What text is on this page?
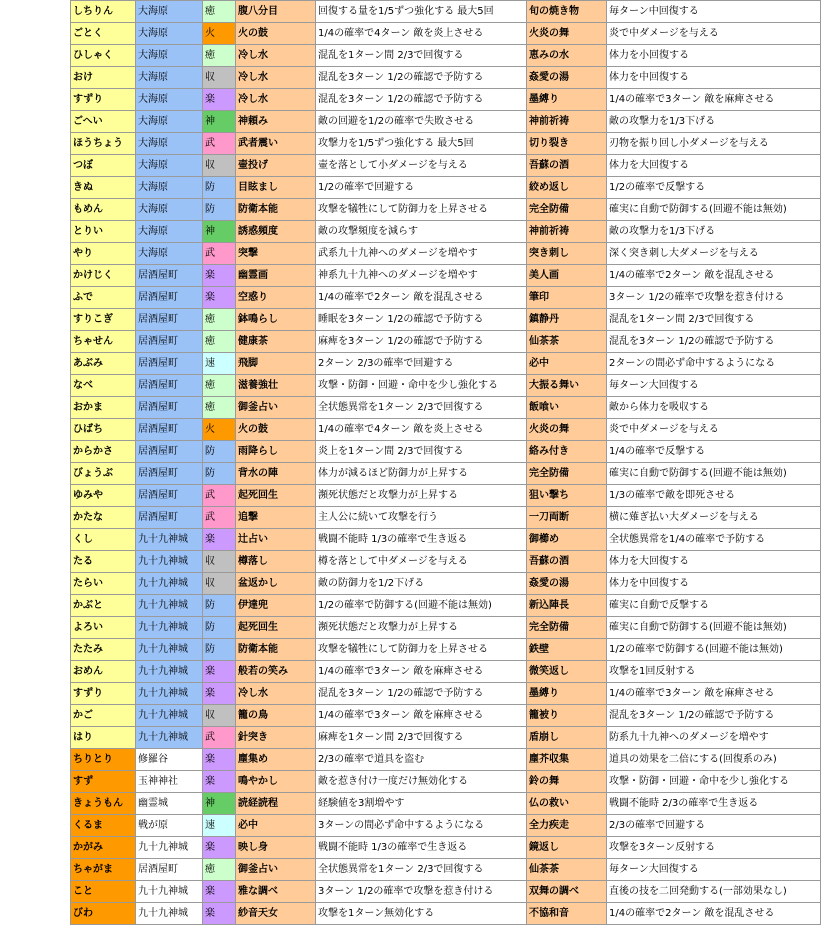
しちりん	大海原	癒	腹八分目	回復する量を1/5ずつ強化する 最大5回	旬の焼き物	毎ターン中回復する
ごとく	大海原	火	火の鼓	1/4の確率で4ターン 敵を炎上させる	火炎の舞	炎で中ダメージを与える
ひしゃく	大海原	癒	冷し水	混乱を1ターン間 2/3で回復する	恵みの水	体力を小回復する
おけ	大海原	収	冷し水	混乱を3ターン 1/2の確認で予防する	姦愛の湯	体力を中回復する
すずり	大海原	楽	冷し水	混乱を3ターン 1/2の確認で予防する	墨縛り	1/4の確率で3ターン 敵を麻痺させる
ごへい	大海原	神	神頼み	敵の回避を1/2の確率で失敗させる	神前祈祷	敵の攻撃力を1/3下げる
ほうちょう	大海原	武	武者震い	攻撃力を1/5ずつ強化する 最大5回	切り裂き	刃物を振り回し小ダメージを与える
つぼ	大海原	収	壷投げ	壷を落として小ダメージを与える	吾蘇の酒	体力を大回復する
きぬ	大海原	防	目眩まし	1/2の確率で回避する	絞め返し	1/2の確率で反撃する
もめん	大海原	防	防衛本能	攻撃を犠牲にして防御力を上昇させる	完全防備	確実に自動で防御する(回避不能は無効)
とりい	大海原	神	誘惑頻度	敵の攻撃頻度を減らす	神前祈祷	敵の攻撃力を1/3下げる
やり	大海原	武	突撃	武系九十九神へのダメージを増やす	突き刺し	深く突き刺し大ダメージを与える
かけじく	居酒屋町	楽	幽霊画	神系九十九神へのダメージを増やす	美人画	1/4の確率で2ターン 敵を混乱させる
ふで	居酒屋町	楽	空惑り	1/4の確率で2ターン 敵を混乱させる	筆印	3ターン 1/2の確率で攻撃を惹き付ける
すりこぎ	居酒屋町	癒	鉢鳴らし	睡眠を3ターン 1/2の確認で予防する	鎮静丹	混乱を1ターン間 2/3で回復する
ちゃせん	居酒屋町	癒	健康茶	麻痺を3ターン 1/2の確認で予防する	仙茶茶	混乱を3ターン 1/2の確認で予防する
あぶみ	居酒屋町	速	飛脚	2ターン 2/3の確率で回避する	必中	2ターンの間必ず命中するようになる
なべ	居酒屋町	癒	滋養強壮	攻撃・防御・回避・命中を少し強化する	大振る舞い	毎ターン大回復する
おかま	居酒屋町	癒	御釜占い	全状態異常を1ターン 2/3で回復する	飯喰い	敵から体力を吸収する
ひばち	居酒屋町	火	火の鼓	1/4の確率で4ターン 敵を炎上させる	火炎の舞	炎で中ダメージを与える
からかさ	居酒屋町	防	雨降らし	炎上を1ターン間 2/3で回復する	絡み付き	1/4の確率で反撃する
びょうぶ	居酒屋町	防	背水の陣	体力が減るほど防御力が上昇する	完全防備	確実に自動で防御する(回避不能は無効)
ゆみや	居酒屋町	武	起死回生	瀕死状態だと攻撃力が上昇する	狙い撃ち	1/3の確率で敵を即死させる
かたな	居酒屋町	武	追撃	主人公に続いて攻撃を行う	一刀両断	横に薙ぎ払い大ダメージを与える
くし	九十九神城	楽	辻占い	戦闘不能時 1/3の確率で生き返る	御櫛め	全状態異常を1/4の確率で予防する
たる	九十九神城	収	樽落し	樽を落として中ダメージを与える	吾蘇の酒	体力を大回復する
たらい	九十九神城	収	盆返かし	敵の防御力を1/2下げる	姦愛の湯	体力を中回復する
かぶと	九十九神城	防	伊達兜	1/2の確率で防御する(回避不能は無効)	新込陣長	確実に自動で反撃する
よろい	九十九神城	防	起死回生	瀕死状態だと攻撃力が上昇する	完全防備	確実に自動で防御する(回避不能は無効)
たたみ	九十九神城	防	防衛本能	攻撃を犠牲にして防御力を上昇させる	鉄壁	1/2の確率で防御する(回避不能は無効)
おめん	九十九神城	楽	般若の笑み	1/4の確率で3ターン 敵を麻痺させる	微笑返し	攻撃を1回反射する
すずり	九十九神城	楽	冷し水	混乱を3ターン 1/2の確認で予防する	墨縛り	1/4の確率で3ターン 敵を麻痺させる
かご	九十九神城	収	籠の鳥	1/4の確率で3ターン 敵を麻痺させる	籠被り	混乱を3ターン 1/2の確認で予防する
はり	九十九神城	武	針突き	麻痺を1ターン間 2/3で回復する	盾崩し	防系九十九神へのダメージを増やす
ちりとり	修羅谷	楽	塵集め	2/3の確率で道具を盗む	塵芥収集	道具の効果を二倍にする(回復系のみ)
すず	玉神神社	楽	鳴やかし	敵を惹き付け一度だけ無効化する	鈴の舞	攻撃・防御・回避・命中を少し強化する
きょうもん	幽霊城	神	読経読程	経験値を3割増やす	仏の救い	戦闘不能時 2/3の確率で生き返る
くるま	戦が原	速	必中	3ターンの間必ず命中するようになる	全力疾走	2/3の確率で回避する
かがみ	九十九神城	楽	映し身	戦闘不能時 1/3の確率で生き返る	鏡返し	攻撃を3ターン反射する
ちゃがま	居酒屋町	癒	御釜占い	全状態異常を1ターン 2/3で回復する	仙茶茶	毎ターン大回復する
こと	九十九神城	楽	雅な調べ	3ターン 1/2の確率で攻撃を惹き付ける	双舞の調べ	直後の技を二回発動する(一部効果なし)
びわ	九十九神城	楽	紗音天女	攻撃を1ターン無効化する	不協和音	1/4の確率で2ターン 敵を混乱させる
